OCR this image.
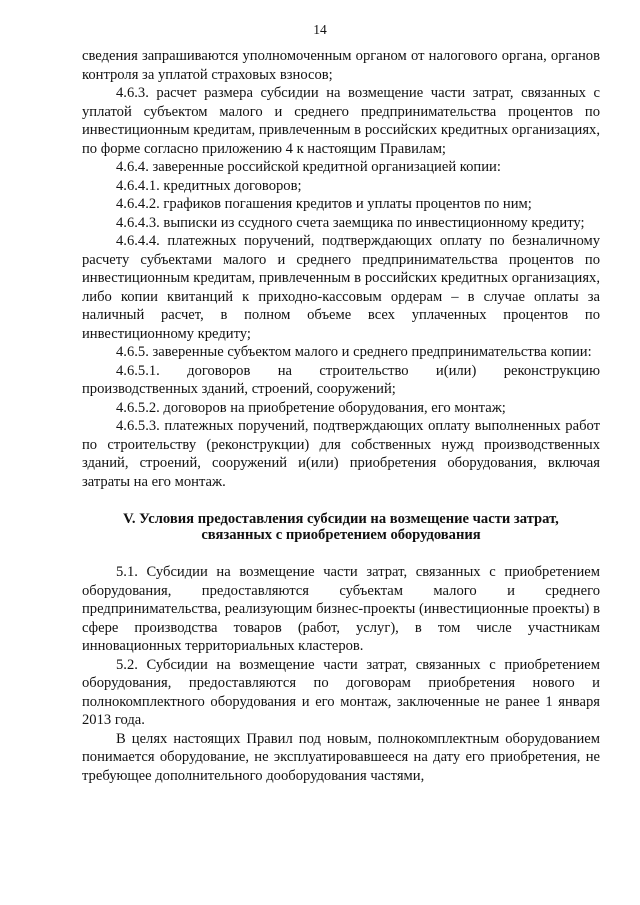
14

сведения запрашиваются уполномоченным органом от налогового органа, органов контроля за уплатой страховых взносов;

4.6.3. расчет размера субсидии на возмещение части затрат, связанных с уплатой субъектом малого и среднего предпринимательства процентов по инвестиционным кредитам, привлеченным в российских кредитных организациях, по форме согласно приложению 4 к настоящим Правилам;

4.6.4. заверенные российской кредитной организацией копии:

4.6.4.1. кредитных договоров;

4.6.4.2. графиков погашения кредитов и уплаты процентов по ним;

4.6.4.3. выписки из ссудного счета заемщика по инвестиционному кредиту;

4.6.4.4. платежных поручений, подтверждающих оплату по безналичному расчету субъектами малого и среднего предпринимательства процентов по инвестиционным кредитам, привлеченным в российских кредитных организациях, либо копии квитанций к приходно-кассовым ордерам – в случае оплаты за наличный расчет, в полном объеме всех уплаченных процентов по инвестиционному кредиту;

4.6.5. заверенные субъектом малого и среднего предпринимательства копии:

4.6.5.1. договоров на строительство и(или) реконструкцию производственных зданий, строений, сооружений;

4.6.5.2. договоров на приобретение оборудования, его монтаж;

4.6.5.3. платежных поручений, подтверждающих оплату выполненных работ по строительству (реконструкции) для собственных нужд производственных зданий, строений, сооружений и(или) приобретения оборудования, включая затраты на его монтаж.

V. Условия предоставления субсидии на возмещение части затрат,
связанных с приобретением оборудования

5.1. Субсидии на возмещение части затрат, связанных с приобретением оборудования, предоставляются субъектам малого и среднего предпринимательства, реализующим бизнес-проекты (инвестиционные проекты) в сфере производства товаров (работ, услуг), в том числе участникам инновационных территориальных кластеров.

5.2. Субсидии на возмещение части затрат, связанных с приобретением оборудования, предоставляются по договорам приобретения нового и полнокомплектного оборудования и его монтаж, заключенные не ранее 1 января 2013 года.

В целях настоящих Правил под новым, полнокомплектным оборудованием понимается оборудование, не эксплуатировавшееся на дату его приобретения, не требующее дополнительного дооборудования частями,
